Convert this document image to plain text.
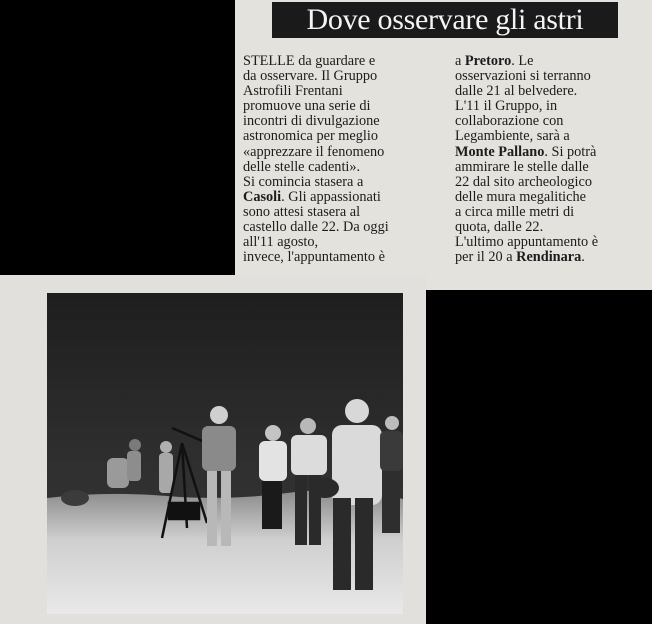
Dove osservare gli astri
STELLE da guardare e
da osservare. Il Gruppo
Astrofili Frentani
promuove una serie di
incontri di divulgazione
astronomica per meglio
«apprezzare il fenomeno
delle stelle cadenti».
Si comincia stasera a
Casoli. Gli appassionati
sono attesi stasera al
castello dalle 22. Da oggi
all'11 agosto,
invece, l'appuntamento è
a Pretoro. Le
osservazioni si terranno
dalle 21 al belvedere.
L'11 il Gruppo, in
collaborazione con
Legambiente, sarà a
Monte Pallano. Si potrà
ammirare le stelle dalle
22 dal sito archeologico
delle mura megalitiche
a circa mille metri di
quota, dalle 22.
L'ultimo appuntamento è
per il 20 a Rendinara.
